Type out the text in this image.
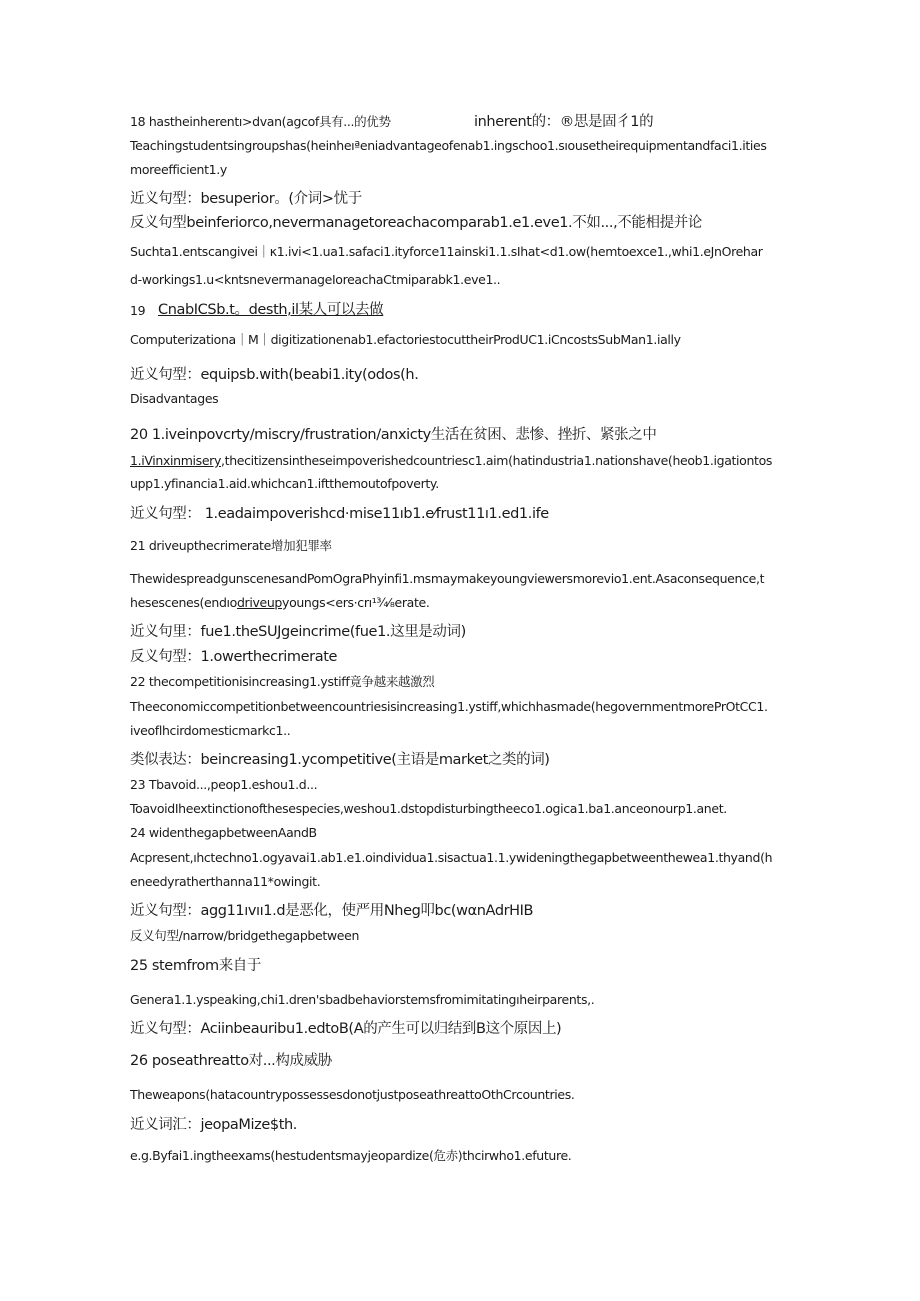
18 hastheinherentı>dvan(agcof具有...的优势	inherent的：®思是固彳1的
Teachingstudentsingroupshas(heinheıªeniadvantageofenab1.ingschoo1.sıousetheirequipmentandfaci1.ities
moreefficient1.y
近义句型：besuperior。(介词>忧于
反义句型beinferiorco,nevermanagetoreachacomparab1.e1.eve1.不如...,不能相提并论
Suchta1.entscangivei｜κ1.ivi<1.ua1.safaci1.ityforce11ainski1.1.sIhat<d1.ow(hemtoexce1.,whi1.eJnOrehar
d-workings1.u<kntsnevermanageIoreachaCtmiparabk1.eve1..
19 CnabICSb.t。desth,il某人可以去做
Computerizationa｜M｜digitizationenab1.efactoriestocuttheirProdUC1.iCncostsSubMan1.ially
近义句型：equipsb.with(beabi1.ity(odos(h.
Disadvantages
20 1.iveinpovcrty/miscry/frustration/anxicty生活在贫困、悲惨、挫折、紧张之中
1.iVinxinmisery,thecitizensintheseimpoverishedcountriesc1.aim(hatindustria1.nationshave(heob1.igationtos
upp1.yfinancia1.aid.whichcan1.iftthemoutofpoverty.
近义句型： 1.eadaimpoverishcd·mise11ıb1.e⁄frust11ı1.ed1.ife
21 driveupthecrimerate增加犯罪率
ThewidespreadgunscenesandPomOgraPhyinfi1.msmaymakeyoungviewersmorevio1.ent.Asaconsequence,t
hesescenes(endıodriveupyoungs<ers·crı¹¾⁄₈erate.
近义句里：fue1.theSUJgeincrime(fue1.这里是动词)
反义句型：1.owerthecrimerate
22 thecompetitionisincreasing1.ystiff竟争越来越激烈
Theeconomiccompetitionbetweencountriesisincreasing1.ystiff,whichhasmade(hegovernmentmorePrOtCC1.
iveoflhcirdomesticmarkc1..
类似表达：beincreasing1.ycompetitive(主语是market之类的词)
23 Tbavoid...,peop1.eshou1.d...
ToavoidIheextinctionofthesespecies,weshou1.dstopdisturbingtheeco1.ogica1.ba1.anceonourp1.anet.
24 widenthegapbetweenAandB
Acpresent,ıhctechno1.ogyavai1.ab1.e1.oindividua1.sisactua1.1.ywideningthegapbetweenthewea1.thyand(h
eneedyratherthanna11*owingit.
近义句型：agg11ıvıı1.d是恶化，使严用Nheg叩bc(wαnAdrHIB
反义句型/narrow/bridgethegapbetween
25 stemfrom来自于
Genera1.1.yspeaking,chi1.dren'sbadbehaviorstemsfromimitatingıheirparents,.
近义句型：Aciinbeauribu1.edtoB(A的产生可以归结到B这个原因上)
26 poseathreatto对...构成威胁
Theweapons(hatacountrypossessesdonotjustposeathreattoOthCrcountries.
近义词汇：jeopaMize$th.
e.g.Byfai1.ingtheexams(hestudentsmayjeopardize(危赤)thcirwho1.efuture.
